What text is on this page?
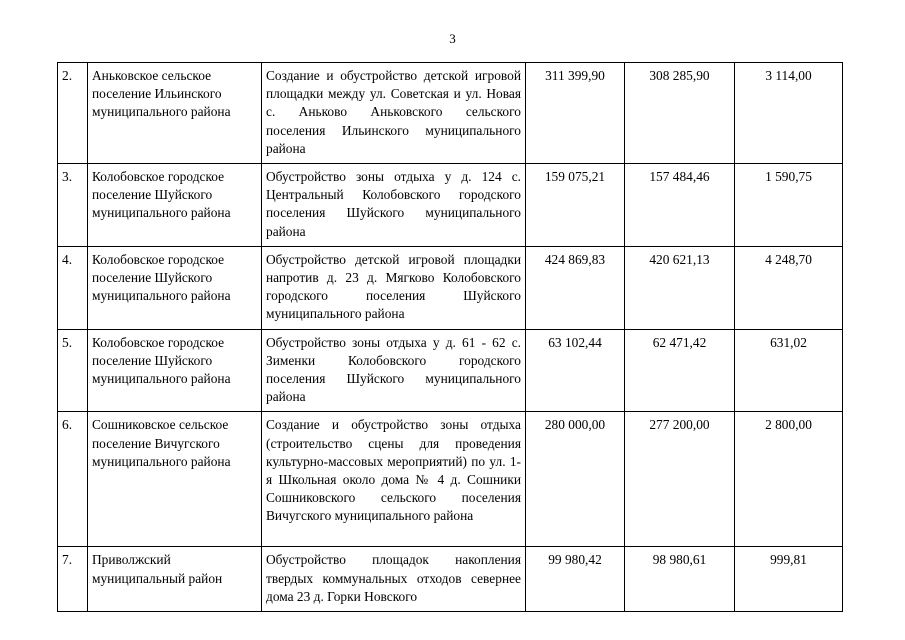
3
2.	Аньковское сельское поселение Ильинского муниципального района	Создание и обустройство детской игровой площадки между ул. Советская и ул. Новая с. Аньково Аньковского сельского поселения Ильинского муниципального района	311 399,90	308 285,90	3 114,00
3.	Колобовское городское поселение Шуйского муниципального района	Обустройство зоны отдыха у д. 124 с. Центральный Колобовского городского поселения Шуйского муниципального района	159 075,21	157 484,46	1 590,75
4.	Колобовское городское поселение Шуйского муниципального района	Обустройство детской игровой площадки напротив д. 23 д. Мягково Колобовского городского поселения Шуйского муниципального района	424 869,83	420 621,13	4 248,70
5.	Колобовское городское поселение Шуйского муниципального района	Обустройство зоны отдыха у д. 61 - 62 с. Зименки Колобовского городского поселения Шуйского муниципального района	63 102,44	62 471,42	631,02
6.	Сошниковское сельское поселение Вичугского муниципального района	Создание и обустройство зоны отдыха (строительство сцены для проведения культурно-массовых мероприятий) по ул. 1-я Школьная около дома № 4 д. Сошники Сошниковского сельского поселения Вичугского муниципального района	280 000,00	277 200,00	2 800,00
7.	Приволжский муниципальный район	Обустройство площадок накопления твердых коммунальных отходов севернее дома 23 д. Горки Новского	99 980,42	98 980,61	999,81
